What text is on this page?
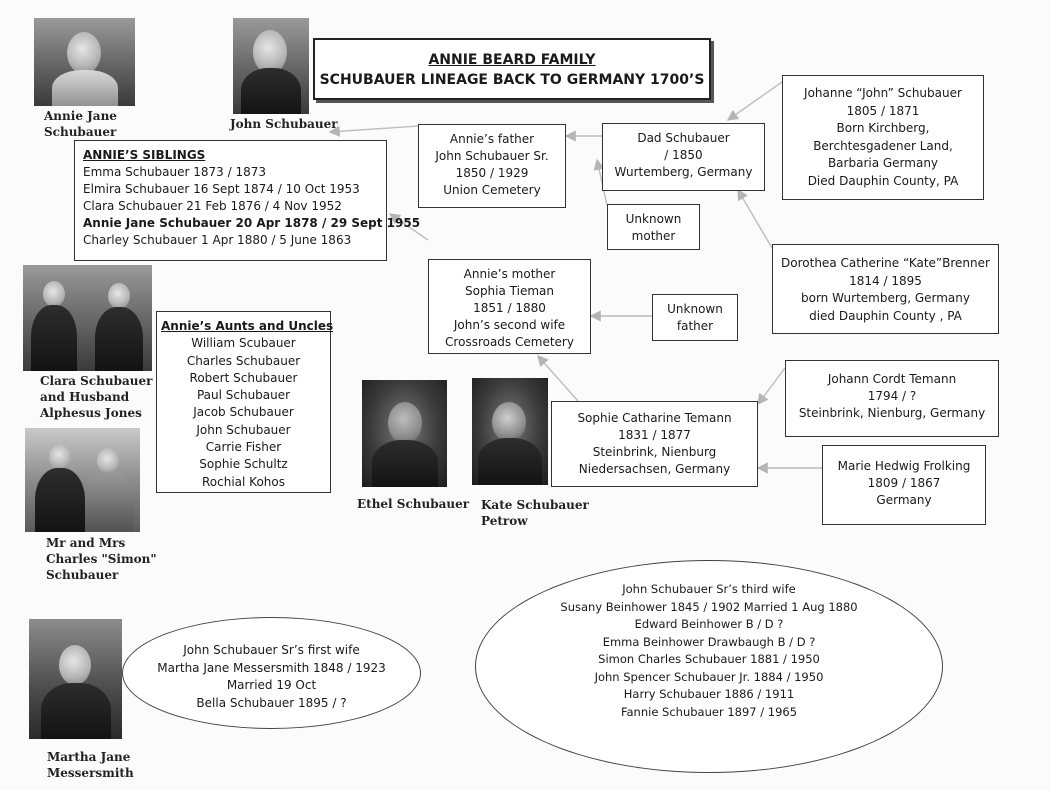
ANNIE BEARD FAMILY
SCHUBAUER LINEAGE BACK TO GERMANY 1700’S
Annie Jane
Schubauer
John Schubauer
Clara Schubauer
and Husband
Alphesus Jones
Mr and Mrs
Charles "Simon"
Schubauer
Ethel Schubauer Kate Schubauer
Petrow
Martha Jane
Messersmith
ANNIE’S SIBLINGS
Emma Schubauer 1873 / 1873
Elmira Schubauer 16 Sept 1874 / 10 Oct 1953
Clara Schubauer 21 Feb 1876 / 4 Nov 1952
Annie Jane Schubauer 20 Apr 1878 / 29 Sept 1955
Charley Schubauer 1 Apr 1880 / 5 June 1863
Annie’s Aunts and Uncles
William Scubauer
Charles Schubauer
Robert Schubauer
Paul Schubauer
Jacob Schubauer
John Schubauer
Carrie Fisher
Sophie Schultz
Rochial Kohos
Annie’s father
John Schubauer Sr.
1850 / 1929
Union Cemetery
Dad Schubauer
/ 1850
Wurtemberg, Germany
Johanne “John” Schubauer
1805 / 1871
Born Kirchberg,
Berchtesgadener Land,
Barbaria Germany
Died Dauphin County, PA
Unknown
mother
Dorothea Catherine “Kate”Brenner
1814 / 1895
born Wurtemberg, Germany
died Dauphin County , PA
Annie’s mother
Sophia Tieman
1851 / 1880
John’s second wife
Crossroads Cemetery
Unknown
father
Johann Cordt Temann
1794 / ?
Steinbrink, Nienburg, Germany
Sophie Catharine Temann
1831 / 1877
Steinbrink, Nienburg
Niedersachsen, Germany	Marie Hedwig Frolking
1809 / 1867
Germany
John Schubauer Sr’s first wife
Martha Jane Messersmith 1848 / 1923
Married 19 Oct
Bella Schubauer 1895 / ?
John Schubauer Sr’s third wife
Susany Beinhower 1845 / 1902 Married 1 Aug 1880
Edward Beinhower B / D ?
Emma Beinhower Drawbaugh B / D ?
Simon Charles Schubauer 1881 / 1950
John Spencer Schubauer Jr. 1884 / 1950
Harry Schubauer 1886 / 1911
Fannie Schubauer 1897 / 1965
